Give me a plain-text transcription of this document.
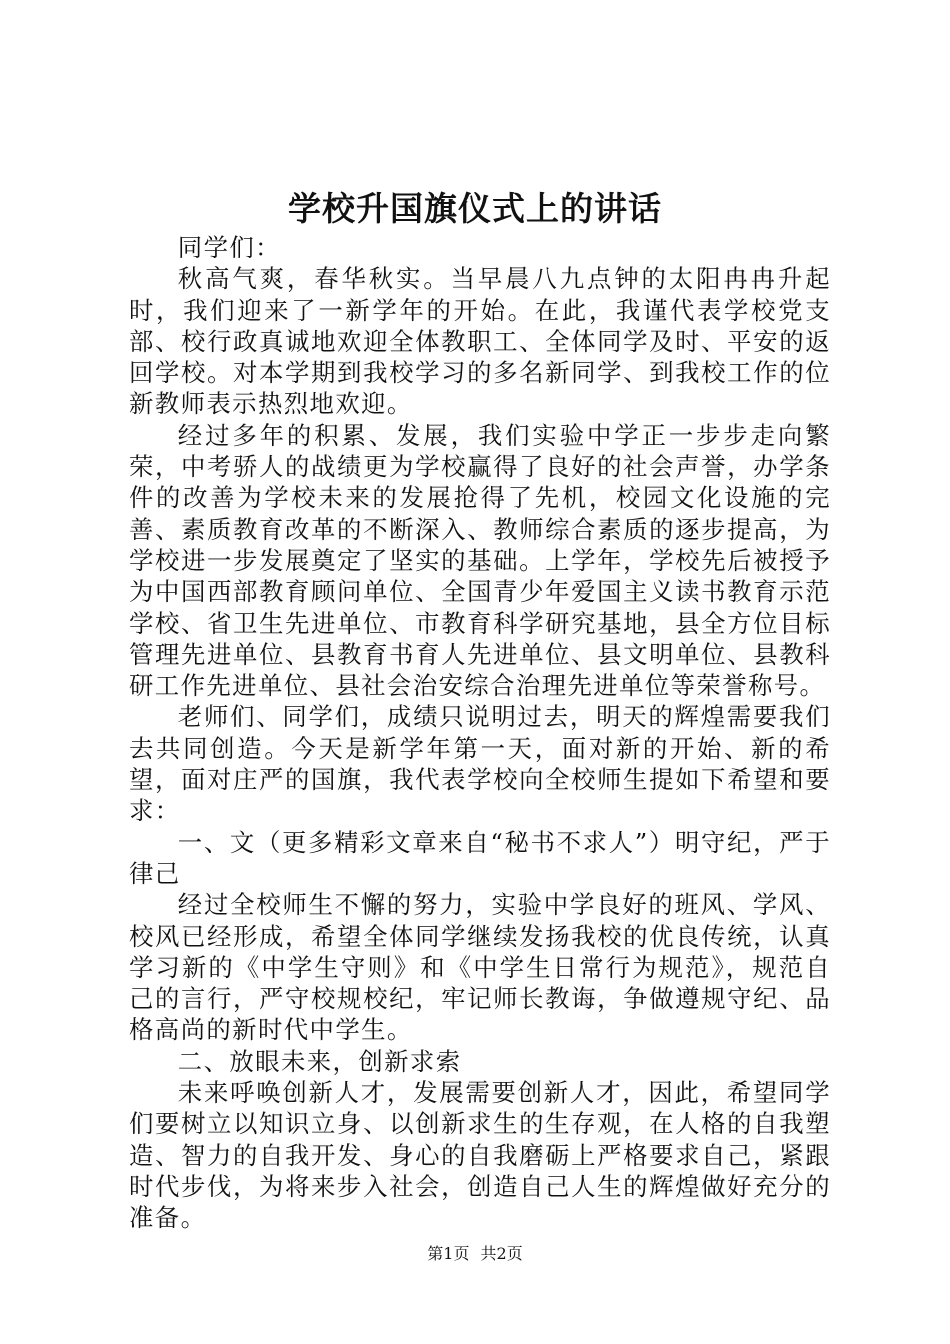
学校升国旗仪式上的讲话

同学们：

秋高气爽，春华秋实。当早晨八九点钟的太阳冉冉升起时，我们迎来了一新学年的开始。在此，我谨代表学校党支部、校行政真诚地欢迎全体教职工、全体同学及时、平安的返回学校。对本学期到我校学习的多名新同学、到我校工作的位新教师表示热烈地欢迎。

经过多年的积累、发展，我们实验中学正一步步走向繁荣，中考骄人的战绩更为学校赢得了良好的社会声誉，办学条件的改善为学校未来的发展抢得了先机，校园文化设施的完善、素质教育改革的不断深入、教师综合素质的逐步提高，为学校进一步发展奠定了坚实的基础。上学年，学校先后被授予为中国西部教育顾问单位、全国青少年爱国主义读书教育示范学校、省卫生先进单位、市教育科学研究基地，县全方位目标管理先进单位、县教育书育人先进单位、县文明单位、县教科研工作先进单位、县社会治安综合治理先进单位等荣誉称号。

老师们、同学们，成绩只说明过去，明天的辉煌需要我们去共同创造。今天是新学年第一天，面对新的开始、新的希望，面对庄严的国旗，我代表学校向全校师生提如下希望和要求：

一、文（更多精彩文章来自“秘书不求人”）明守纪，严于律己

经过全校师生不懈的努力，实验中学良好的班风、学风、校风已经形成，希望全体同学继续发扬我校的优良传统，认真学习新的《中学生守则》和《中学生日常行为规范》，规范自己的言行，严守校规校纪，牢记师长教诲，争做遵规守纪、品格高尚的新时代中学生。

二、放眼未来，创新求索

未来呼唤创新人才，发展需要创新人才，因此，希望同学们要树立以知识立身、以创新求生的生存观，在人格的自我塑造、智力的自我开发、身心的自我磨砺上严格要求自己，紧跟时代步伐，为将来步入社会，创造自己人生的辉煌做好充分的准备。

第1页 共2页
